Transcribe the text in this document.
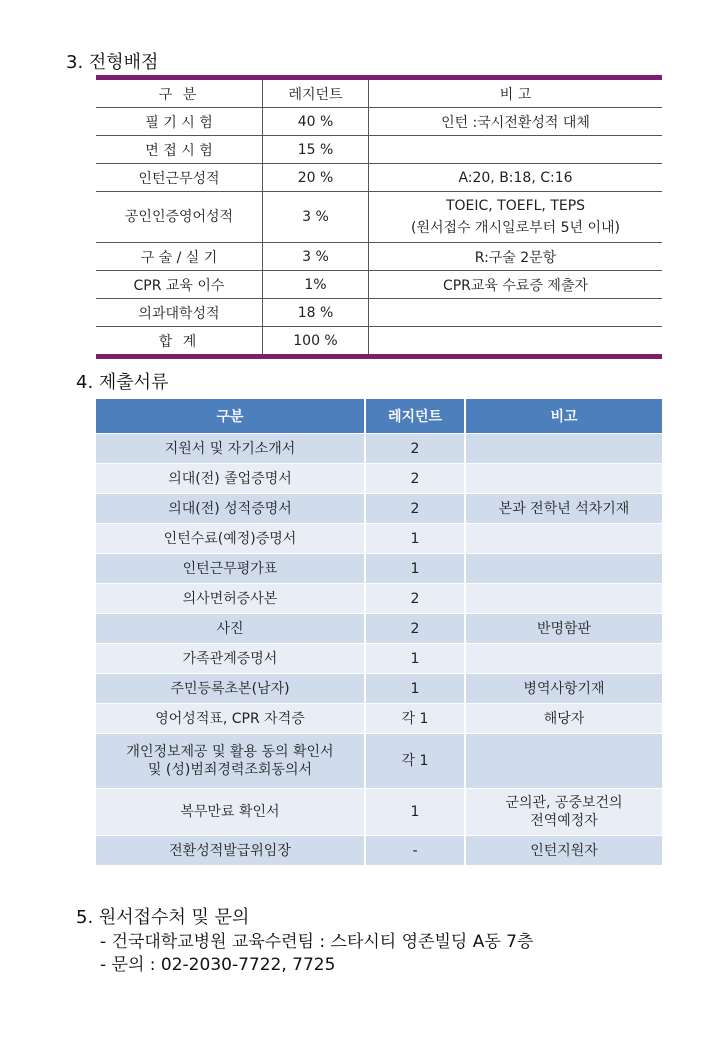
3. 전형배점
구 분	레지던트	비 고
필 기 시 험	40 %	인턴 :국시전환성적 대체
면 접 시 험	15 %	
인턴근무성적	20 %	A:20, B:18, C:16
공인인증영어성적	3 %	TOEIC, TOEFL, TEPS
(원서접수 개시일로부터 5년 이내)

구 술 / 실 기	3 %	R:구술 2문항
CPR 교육 이수	1%	CPR교육 수료증 제출자
의과대학성적	18 %	
합 계	100 %	
4. 제출서류
구분	레지던트	비고
지원서 및 자기소개서	2	
의대(전) 졸업증명서	2	
의대(전) 성적증명서	2	본과 전학년 석차기재
인턴수료(예정)증명서	1	
인턴근무평가표	1	
의사면허증사본	2	
사진	2	반명함판
가족관계증명서	1	
주민등록초본(남자)	1	병역사항기재
영어성적표, CPR 자격증	각 1	해당자

개인정보제공 및 활용 동의 확인서
및 (성)범죄경력조회동의서	각 1	
복무만료 확인서	1	군의관, 공중보건의
전역예정자

전환성적발급위임장	-	인턴지원자
5. 원서접수처 및 문의
- 건국대학교병원 교육수련팀 : 스타시티 영존빌딩 A동 7층
- 문의 : 02-2030-7722, 7725
